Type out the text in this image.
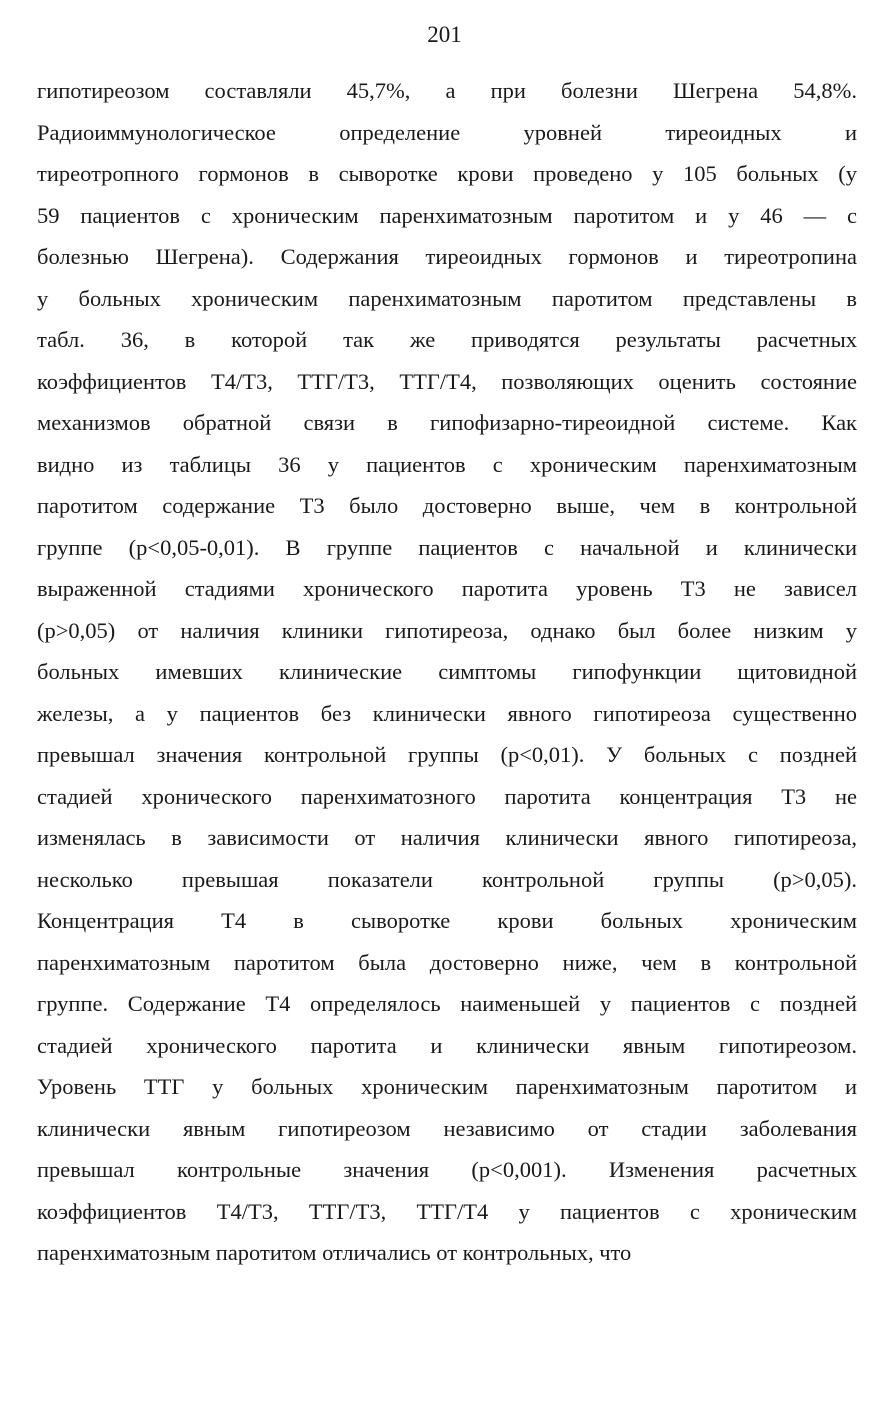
201
гипотиреозом составляли 45,7%, а при болезни Шегрена 54,8%.
Радиоиммунологическое определение уровней тиреоидных и
тиреотропного гормонов в сыворотке крови проведено у 105 больных (у
59 пациентов с хроническим паренхиматозным паротитом и у 46 — с
болезнью Шегрена). Содержания тиреоидных гормонов и тиреотропина
у больных хроническим паренхиматозным паротитом представлены в
табл. 36, в которой так же приводятся результаты расчетных
коэффициентов Т4/Т3, ТТГ/Т3, ТТГ/Т4, позволяющих оценить состояние
механизмов обратной связи в гипофизарно-тиреоидной системе. Как
видно из таблицы 36 у пациентов с хроническим паренхиматозным
паротитом содержание Т3 было достоверно выше, чем в контрольной
группе (р<0,05-0,01). В группе пациентов с начальной и клинически
выраженной стадиями хронического паротита уровень Т3 не зависел
(р>0,05) от наличия клиники гипотиреоза, однако был более низким у
больных имевших клинические симптомы гипофункции щитовидной
железы, а у пациентов без клинически явного гипотиреоза существенно
превышал значения контрольной группы (р<0,01). У больных с поздней
стадией хронического паренхиматозного паротита концентрация Т3 не
изменялась в зависимости от наличия клинически явного гипотиреоза,
несколько превышая показатели контрольной группы (р>0,05).
Концентрация Т4 в сыворотке крови больных хроническим
паренхиматозным паротитом была достоверно ниже, чем в контрольной
группе. Содержание Т4 определялось наименьшей у пациентов с поздней
стадией хронического паротита и клинически явным гипотиреозом.
Уровень ТТГ у больных хроническим паренхиматозным паротитом и
клинически явным гипотиреозом независимо от стадии заболевания
превышал контрольные значения (р<0,001). Изменения расчетных
коэффициентов Т4/Т3, ТТГ/Т3, ТТГ/Т4 у пациентов с хроническим
паренхиматозным паротитом отличались от контрольных, что
